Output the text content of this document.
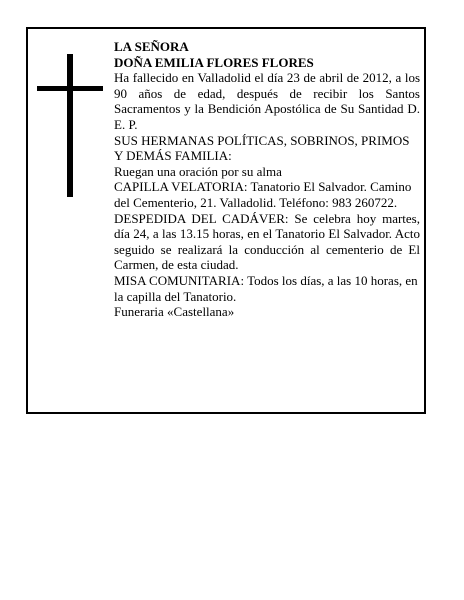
LA SEÑORA

DOÑA EMILIA FLORES FLORES

Ha fallecido en Valladolid el día 23 de abril de 2012, a los 90 años de edad, después de recibir los Santos Sacramentos y la Bendición Apostólica de Su Santidad D. E. P.

SUS HERMANAS POLÍTICAS, SOBRINOS, PRIMOS Y DEMÁS FAMILIA:

Ruegan una oración por su alma

CAPILLA VELATORIA: Tanatorio El Salvador. Camino del Cementerio, 21. Valladolid. Teléfono: 983 260722.

DESPEDIDA DEL CADÁVER: Se celebra hoy martes, día 24, a las 13.15 horas, en el Tanatorio El Salvador. Acto seguido se realizará la conducción al cementerio de El Carmen, de esta ciudad.

MISA COMUNITARIA: Todos los días, a las 10 horas, en la capilla del Tanatorio.

Funeraria «Castellana»
